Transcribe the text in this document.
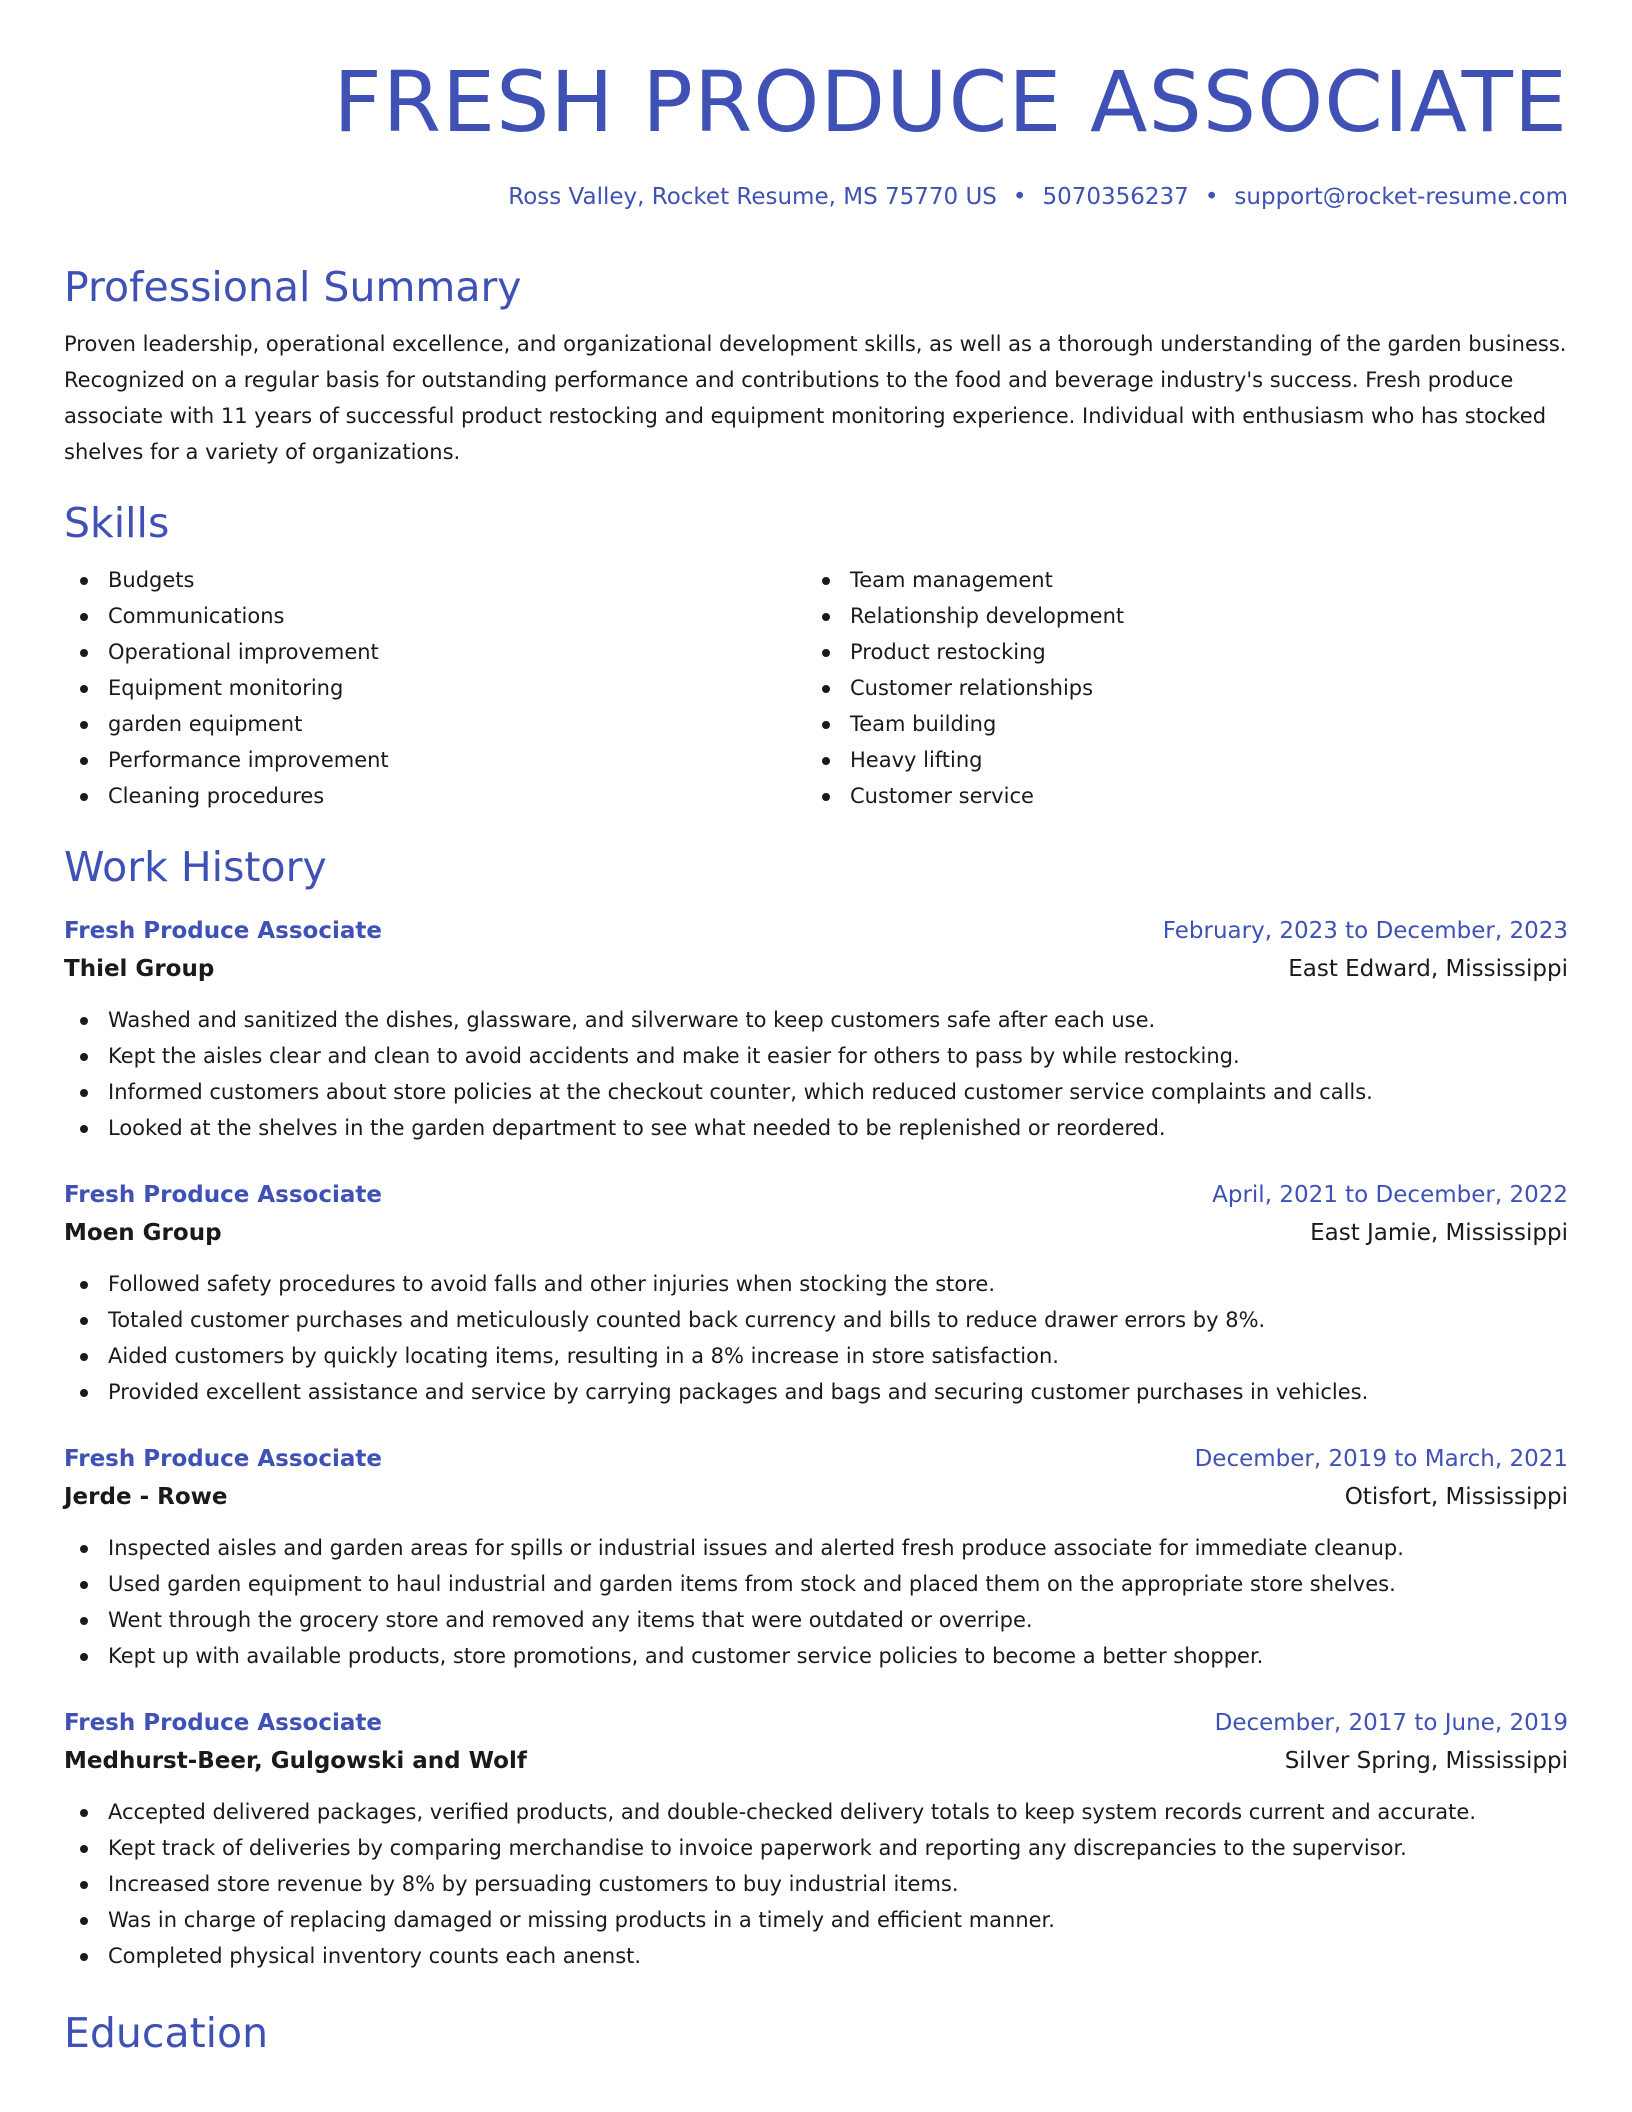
FRESH PRODUCE ASSOCIATE
Ross Valley, Rocket Resume, MS 75770 US • 5070356237 • support@rocket-resume.com
Professional Summary

Proven leadership, operational excellence, and organizational development skills, as well as a thorough understanding of the garden business. Recognized on a regular basis for outstanding performance and contributions to the food and beverage industry's success. Fresh produce associate with 11 years of successful product restocking and equipment monitoring experience. Individual with enthusiasm who has stocked shelves for a variety of organizations.

Skills
Budgets
Communications
Operational improvement
Equipment monitoring
garden equipment
Performance improvement
Cleaning procedures
Team management
Relationship development
Product restocking
Customer relationships
Team building
Heavy lifting
Customer service
Work History
Fresh Produce Associate	February, 2023 to December, 2023
Thiel Group	East Edward, Mississippi
Washed and sanitized the dishes, glassware, and silverware to keep customers safe after each use.
Kept the aisles clear and clean to avoid accidents and make it easier for others to pass by while restocking.
Informed customers about store policies at the checkout counter, which reduced customer service complaints and calls.
Looked at the shelves in the garden department to see what needed to be replenished or reordered.
Fresh Produce Associate	April, 2021 to December, 2022
Moen Group	East Jamie, Mississippi
Followed safety procedures to avoid falls and other injuries when stocking the store.
Totaled customer purchases and meticulously counted back currency and bills to reduce drawer errors by 8%.
Aided customers by quickly locating items, resulting in a 8% increase in store satisfaction.
Provided excellent assistance and service by carrying packages and bags and securing customer purchases in vehicles.
Fresh Produce Associate	December, 2019 to March, 2021
Jerde - Rowe	Otisfort, Mississippi
Inspected aisles and garden areas for spills or industrial issues and alerted fresh produce associate for immediate cleanup.
Used garden equipment to haul industrial and garden items from stock and placed them on the appropriate store shelves.
Went through the grocery store and removed any items that were outdated or overripe.
Kept up with available products, store promotions, and customer service policies to become a better shopper.
Fresh Produce Associate	December, 2017 to June, 2019
Medhurst-Beer, Gulgowski and Wolf	Silver Spring, Mississippi
Accepted delivered packages, verified products, and double-checked delivery totals to keep system records current and accurate.
Kept track of deliveries by comparing merchandise to invoice paperwork and reporting any discrepancies to the supervisor.
Increased store revenue by 8% by persuading customers to buy industrial items.
Was in charge of replacing damaged or missing products in a timely and efficient manner.
Completed physical inventory counts each anenst.
Education
